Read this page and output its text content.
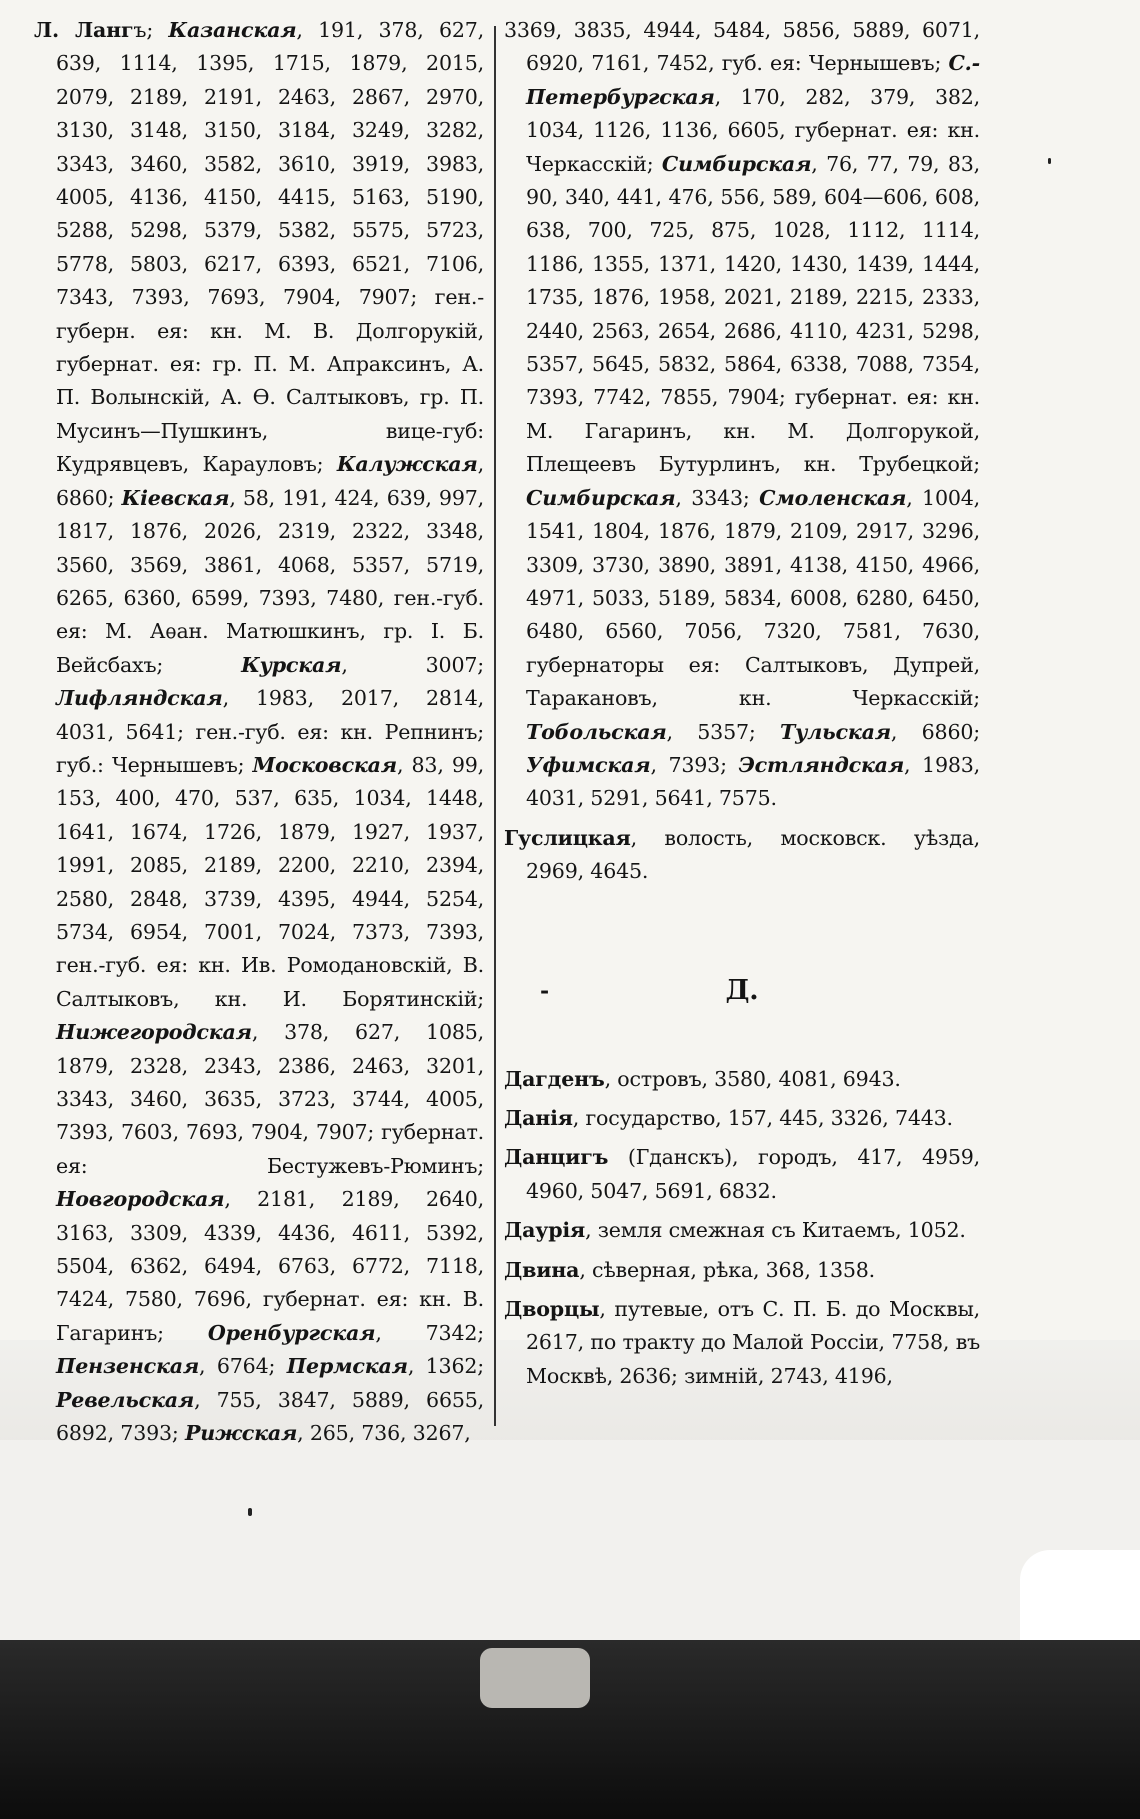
Л. Лангъ; Казанская, 191, 378, 627, 639, 1114, 1395, 1715, 1879, 2015, 2079, 2189, 2191, 2463, 2867, 2970, 3130, 3148, 3150, 3184, 3249, 3282, 3343, 3460, 3582, 3610, 3919, 3983, 4005, 4136, 4150, 4415, 5163, 5190, 5288, 5298, 5379, 5382, 5575, 5723, 5778, 5803, 6217, 6393, 6521, 7106, 7343, 7393, 7693, 7904, 7907; ген.-губерн. ея: кн. М. В. Долгорукій, губернат. ея: гр. П. М. Апраксинъ, А. П. Волынскій, А. Ѳ. Салтыковъ, гр. П. Мусинъ—Пушкинъ, вице-губ: Кудрявцевъ, Карауловъ; Калужская, 6860; Кіевская, 58, 191, 424, 639, 997, 1817, 1876, 2026, 2319, 2322, 3348, 3560, 3569, 3861, 4068, 5357, 5719, 6265, 6360, 6599, 7393, 7480, ген.-губ. ея: М. Аѳан. Матюшкинъ, гр. І. Б. Вейсбахъ; Курская, 3007; Лифляндская, 1983, 2017, 2814, 4031, 5641; ген.-губ. ея: кн. Репнинъ; губ.: Чернышевъ; Московская, 83, 99, 153, 400, 470, 537, 635, 1034, 1448, 1641, 1674, 1726, 1879, 1927, 1937, 1991, 2085, 2189, 2200, 2210, 2394, 2580, 2848, 3739, 4395, 4944, 5254, 5734, 6954, 7001, 7024, 7373, 7393, ген.-губ. ея: кн. Ив. Ромодановскій, В. Салтыковъ, кн. И. Борятинскій; Нижегородская, 378, 627, 1085, 1879, 2328, 2343, 2386, 2463, 3201, 3343, 3460, 3635, 3723, 3744, 4005, 7393, 7603, 7693, 7904, 7907; губернат. ея: Бестужевъ-Рюминъ; Новгородская, 2181, 2189, 2640, 3163, 3309, 4339, 4436, 4611, 5392, 5504, 6362, 6494, 6763, 6772, 7118, 7424, 7580, 7696, губернат. ея: кн. В. Гагаринъ; Оренбургская, 7342; Пензенская, 6764; Пермская, 1362; Ревельская, 755, 3847, 5889, 6655, 6892, 7393; Рижская, 265, 736, 3267,

3369, 3835, 4944, 5484, 5856, 5889, 6071, 6920, 7161, 7452, губ. ея: Чернышевъ; С.-Петербургская, 170, 282, 379, 382, 1034, 1126, 1136, 6605, губернат. ея: кн. Черкасскій; Симбирская, 76, 77, 79, 83, 90, 340, 441, 476, 556, 589, 604—606, 608, 638, 700, 725, 875, 1028, 1112, 1114, 1186, 1355, 1371, 1420, 1430, 1439, 1444, 1735, 1876, 1958, 2021, 2189, 2215, 2333, 2440, 2563, 2654, 2686, 4110, 4231, 5298, 5357, 5645, 5832, 5864, 6338, 7088, 7354, 7393, 7742, 7855, 7904; губернат. ея: кн. М. Гагаринъ, кн. М. Долгорукой, Плещеевъ Бутурлинъ, кн. Трубецкой; Симбирская, 3343; Смоленская, 1004, 1541, 1804, 1876, 1879, 2109, 2917, 3296, 3309, 3730, 3890, 3891, 4138, 4150, 4966, 4971, 5033, 5189, 5834, 6008, 6280, 6450, 6480, 6560, 7056, 7320, 7581, 7630, губернаторы ея: Салтыковъ, Дупрей, Таракановъ, кн. Черкасскій; Тобольская, 5357; Тульская, 6860; Уфимская, 7393; Эстляндская, 1983, 4031, 5291, 5641, 7575.

Гуслицкая, волость, московск. уѣзда, 2969, 4645.

-	Д.

Дагденъ, островъ, 3580, 4081, 6943.

Данія, государство, 157, 445, 3326, 7443.

Данцигъ (Гданскъ), городъ, 417, 4959, 4960, 5047, 5691, 6832.

Даурія, земля смежная съ Китаемъ, 1052.

Двина, сѣверная, рѣка, 368, 1358.

Дворцы, путевые, отъ С. П. Б. до Москвы, 2617, по тракту до Малой Россіи, 7758, въ Москвѣ, 2636; зимній, 2743, 4196,
